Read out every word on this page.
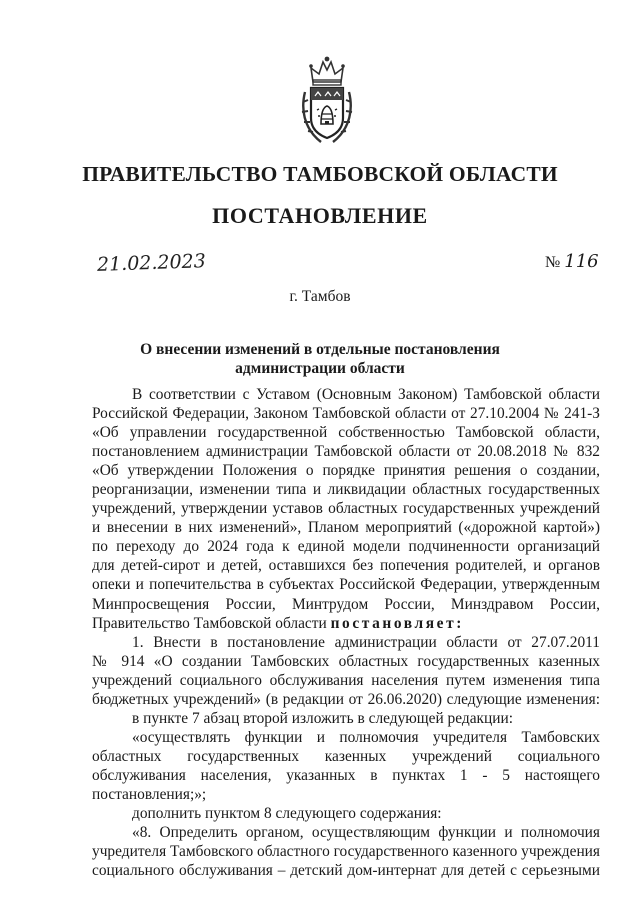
ПРАВИТЕЛЬСТВО ТАМБОВСКОЙ ОБЛАСТИ
ПОСТАНОВЛЕНИЕ
21.02.2023	№ 116
г. Тамбов
О внесении изменений в отдельные постановления
администрации области
В соответствии с Уставом (Основным Законом) Тамбовской области
Российской Федерации, Законом Тамбовской области от 27.10.2004 № 241-З
«Об управлении государственной собственностью Тамбовской области,
постановлением администрации Тамбовской области от 20.08.2018 № 832
«Об утверждении Положения о порядке принятия решения о создании,
реорганизации, изменении типа и ликвидации областных государственных
учреждений, утверждении уставов областных государственных учреждений
и внесении в них изменений», Планом мероприятий («дорожной картой»)
по переходу до 2024 года к единой модели подчиненности организаций
для детей-сирот и детей, оставшихся без попечения родителей, и органов
опеки и попечительства в субъектах Российской Федерации, утвержденным
Минпросвещения России, Минтрудом России, Минздравом России,
Правительство Тамбовской области постановляет:
1. Внести в постановление администрации области от 27.07.2011
№ 914 «О создании Тамбовских областных государственных казенных
учреждений социального обслуживания населения путем изменения типа
бюджетных учреждений» (в редакции от 26.06.2020) следующие изменения:
в пункте 7 абзац второй изложить в следующей редакции:
«осуществлять функции и полномочия учредителя Тамбовских
областных государственных казенных учреждений социального
обслуживания населения, указанных в пунктах 1 - 5 настоящего
постановления;»;
дополнить пунктом 8 следующего содержания:
«8. Определить органом, осуществляющим функции и полномочия
учредителя Тамбовского областного государственного казенного учреждения
социального обслуживания – детский дом-интернат для детей с серьезными
